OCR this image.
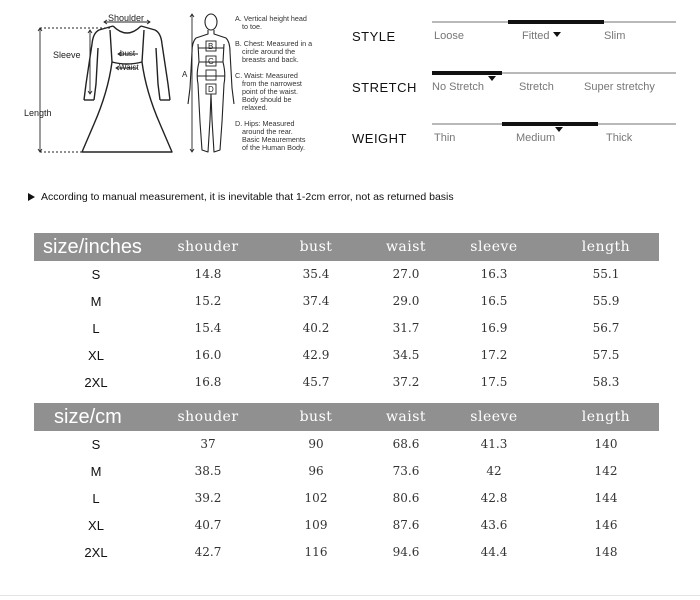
Shoulder
Sleeve
Length
bust
Waist
A
B
C
D
A. Vertical height head
to toe.
B. Chest: Measured in a
circle around the
breasts and back.
C. Waist: Measured
from the narrowest
point of the waist.
Body should be
relaxed.
D. Hips: Measured
around the rear.
Basic Meaurements
of the Human Body.
STYLE	Loose	Fitted	Slim
STRETCH No Stretch	Stretch	Super stretchy
WEIGHT Thin	Medium	Thick
According to manual measurement, it is inevitable that 1-2cm error, not as returned basis
size/inches	shouder	bust	waist	sleeve	length
S	14.8	35.4	27.0	16.3	55.1
M	15.2	37.4	29.0	16.5	55.9
L	15.4	40.2	31.7	16.9	56.7
XL	16.0	42.9	34.5	17.2	57.5
2XL	16.8	45.7	37.2	17.5	58.3
size/cm	shouder	bust	waist	sleeve	length
S	37	90	68.6	41.3	140
M	38.5	96	73.6	42	142
L	39.2	102	80.6	42.8	144
XL	40.7	109	87.6	43.6	146
2XL	42.7	116	94.6	44.4	148
